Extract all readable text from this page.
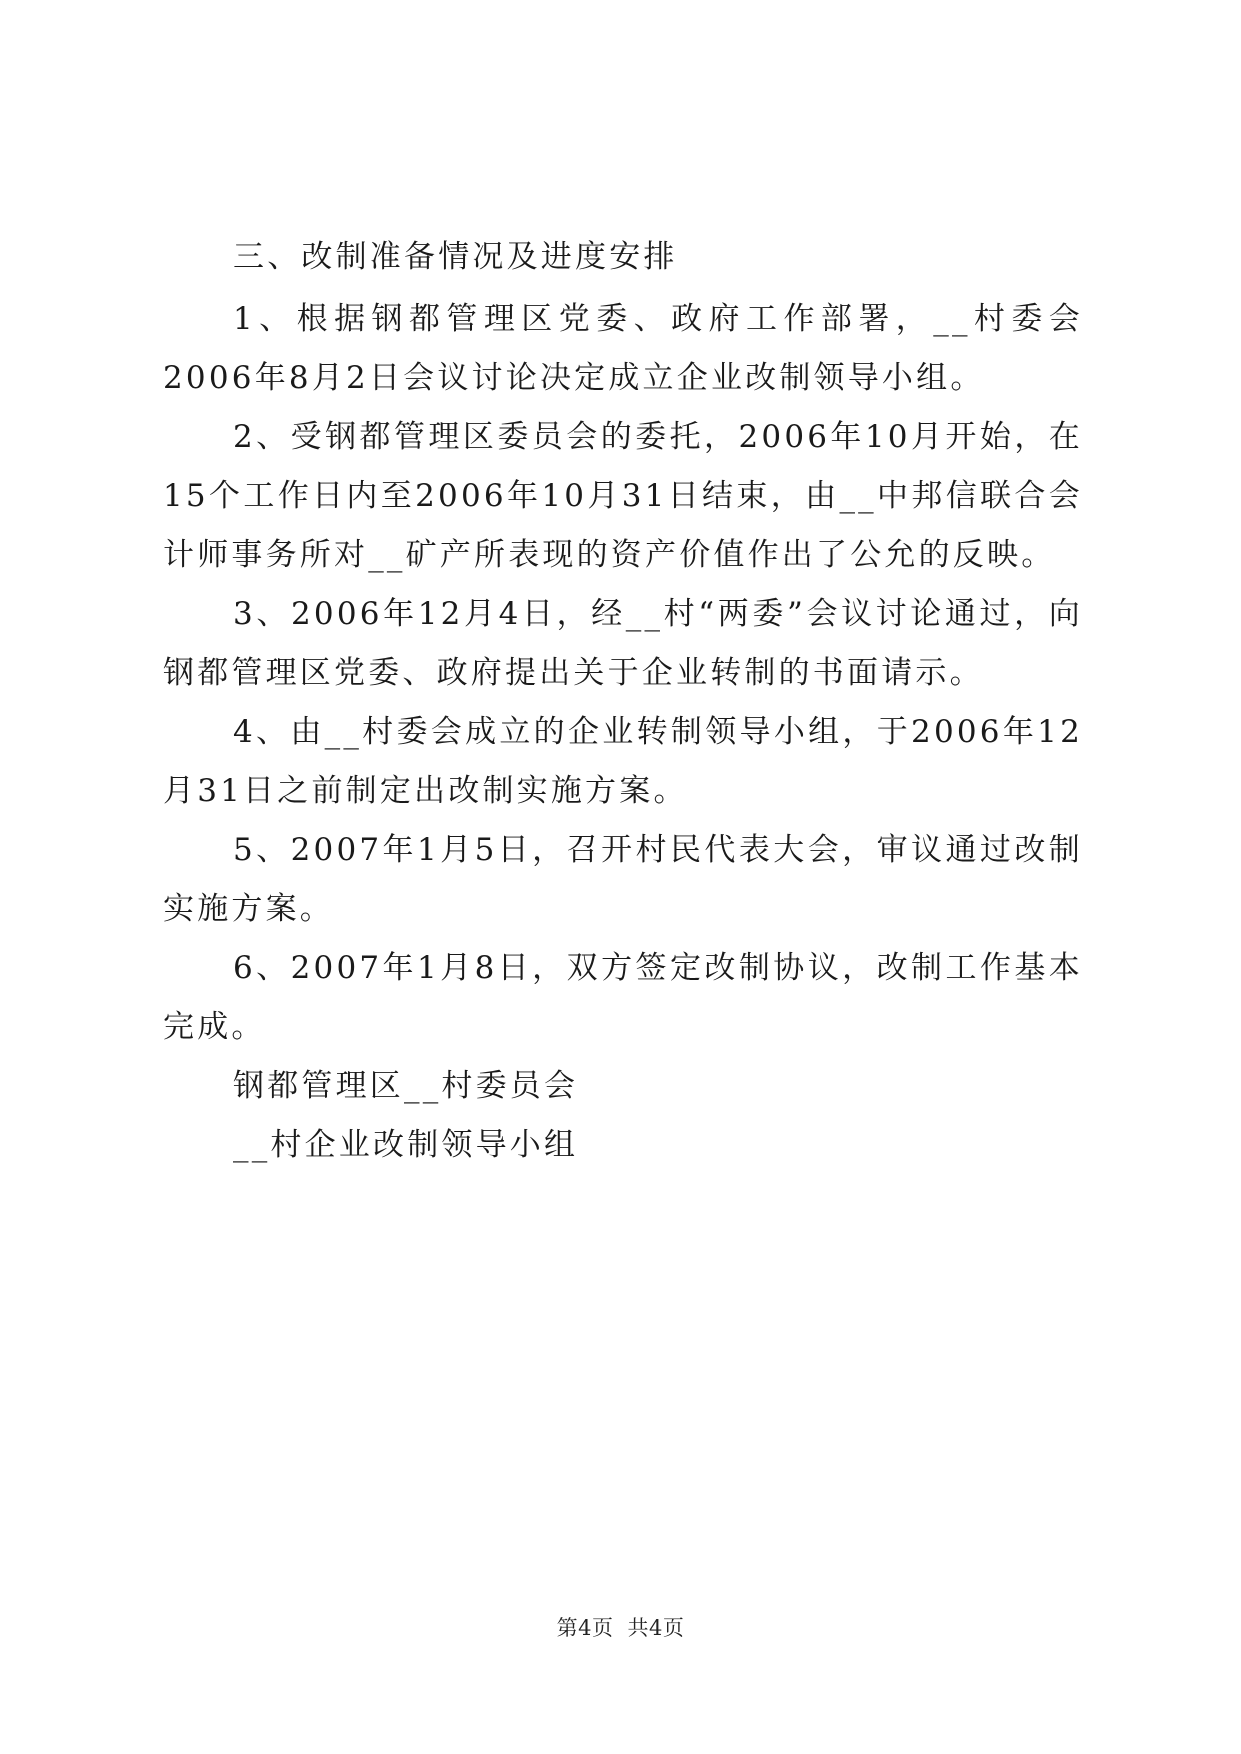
三、改制准备情况及进度安排

1、根据钢都管理区党委、政府工作部署，__村委会2006年8月2日会议讨论决定成立企业改制领导小组。

2、受钢都管理区委员会的委托，2006年10月开始，在15个工作日内至2006年10月31日结束，由__中邦信联合会计师事务所对__矿产所表现的资产价值作出了公允的反映。

3、2006年12月4日，经__村“两委”会议讨论通过，向钢都管理区党委、政府提出关于企业转制的书面请示。

4、由__村委会成立的企业转制领导小组，于2006年12月31日之前制定出改制实施方案。

5、2007年1月5日，召开村民代表大会，审议通过改制实施方案。

6、2007年1月8日，双方签定改制协议，改制工作基本完成。

钢都管理区__村委员会

__村企业改制领导小组

第4页 共4页
